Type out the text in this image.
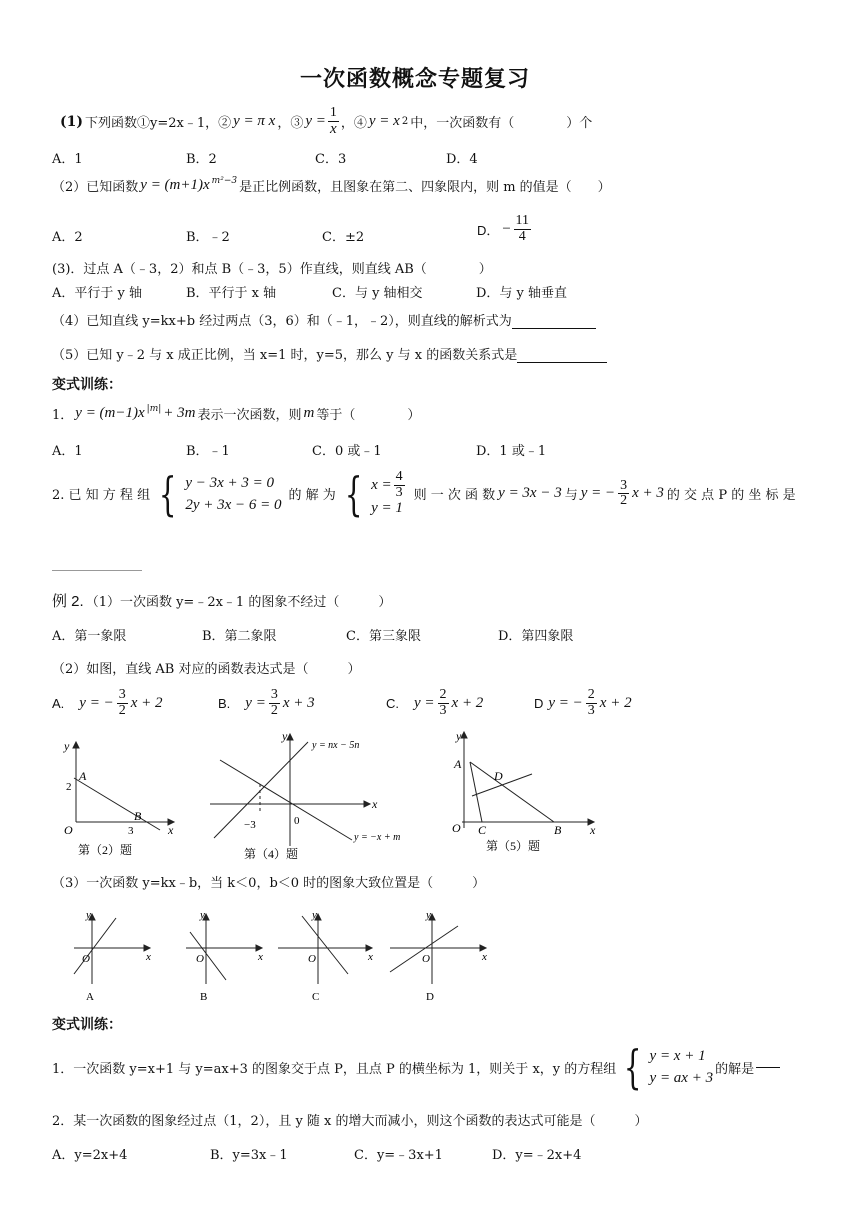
一次函数概念专题复习
(1) 下列函数①y=2x﹣1，② y = π x ，③ $y = \frac{1}{x}$ ，④ y = x 2 中，一次函数有（　　　　）个
A．1	B．2	C．3	D．4
（2）已知函数 $y = (m+1)x^{m^2-3}$ 是正比例函数，且图象在第二、四象限内，则 m 的值是（　　）
A．2	B．﹣2	C．±2	D． − $\frac{11}{4}$
(3)．过点 A（﹣3，2）和点 B（﹣3，5）作直线，则直线 AB（　　　　）
A．平行于 y 轴	B．平行于 x 轴	C．与 y 轴相交	D．与 y 轴垂直
（4）已知直线 y=kx+b 经过两点（3，6）和（﹣1，﹣2），则直线的解析式为
（5）已知 y﹣2 与 x 成正比例，当 x=1 时，y=5，那么 y 与 x 的函数关系式是
变式训练：
1． $y = (m-1)x^{|m|} + 3m$ 表示一次函数，则 m 等于（　　　　）
A．1	B．﹣1	C．0 或﹣1	D．1 或﹣1
2. 已 知 方 程 组 { y − 3x + 3 = 0
2y + 3x − 6 = 0
的 解 为 { $x = \frac{4}{3}$
y = 1
则 一 次 函 数 y = 3x − 3 与 y = − $\frac{3}{2}$ x + 3 的 交 点 P 的 坐 标 是
例 2. （1）一次函数 y=﹣2x﹣1 的图象不经过（　　　）
A．第一象限	B．第二象限	C．第三象限	D．第四象限
（2）如图，直线 AB 对应的函数表达式是（　　　）
A. y = − $\frac{3}{2}$ x + 2	B. $y = \frac{3}{2}$ x + 3	C. $y = \frac{2}{3}$ x + 2	D y = − $\frac{2}{3}$ x + 2
y
x
O
A
2
B
3
第（2）题
y
x
0
−3
y = nx − 5n
y = −x + m
第（4）题
y
x
O
A
B
C
D
第（5）题
（3）一次函数 y=kx﹣b，当 k＜0，b＜0 时的图象大致位置是（　　　）
y
x
O
A
y
x
O
B
y
x
O
C
y
x
O
D
变式训练：
1．一次函数 y=x+1 与 y=ax+3 的图象交于点 P，且点 P 的横坐标为 1，则关于 x，y 的方程组 { y = x + 1
y = ax + 3
的解是
2．某一次函数的图象经过点（1，2），且 y 随 x 的增大而减小，则这个函数的表达式可能是（　　　）
A．y=2x+4	B．y=3x﹣1	C．y=﹣3x+1	D．y=﹣2x+4
